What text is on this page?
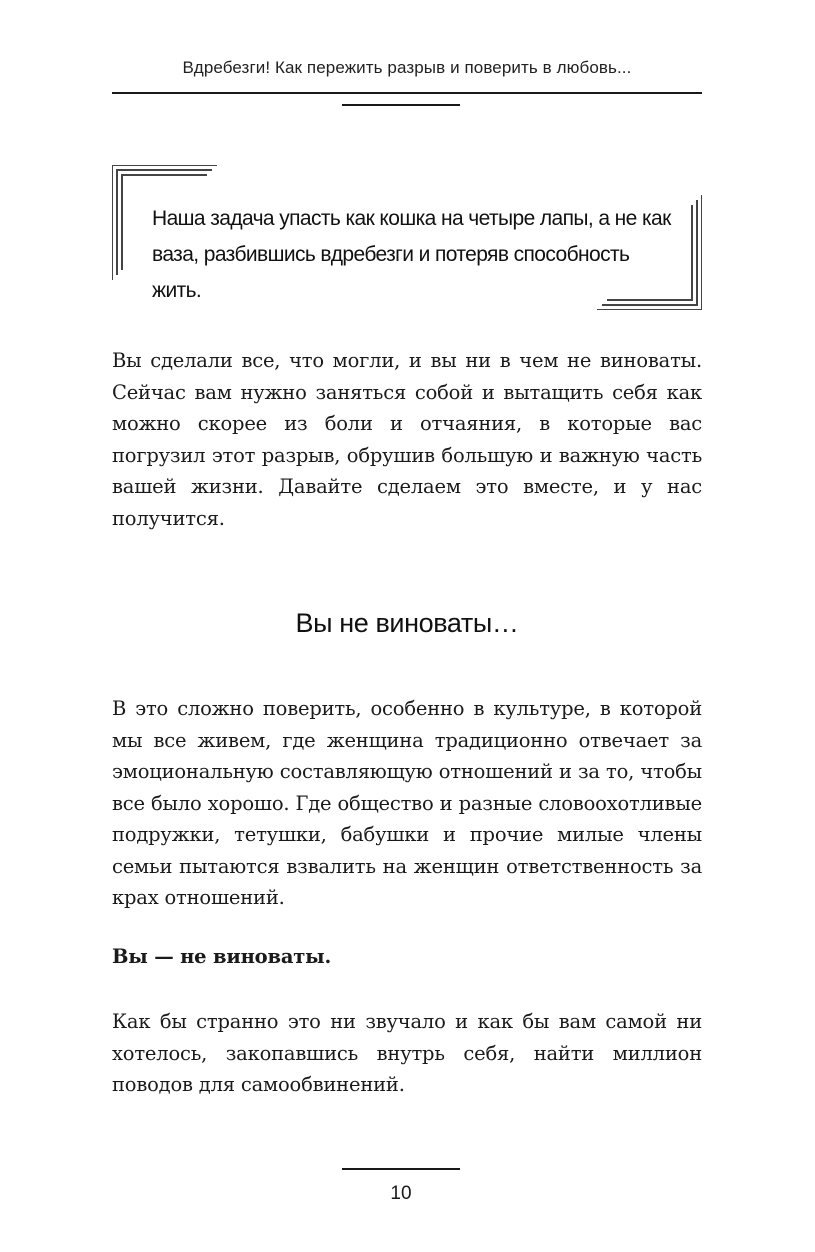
Вдребезги! Как пережить разрыв и поверить в любовь...
Наша задача упасть как кошка на четыре лапы, а не как ваза, разбившись вдребезги и потеряв способность жить.

Вы сделали все, что могли, и вы ни в чем не виноваты. Сейчас вам нужно заняться собой и вытащить себя как можно скорее из боли и отчаяния, в которые вас погрузил этот разрыв, обрушив большую и важную часть вашей жизни. Давайте сделаем это вместе, и у нас получится.

Вы не виноваты…

В это сложно поверить, особенно в культуре, в которой мы все живем, где женщина традиционно отвечает за эмоциональную составляющую отношений и за то, чтобы все было хорошо. Где общество и разные словоохотливые подружки, тетушки, бабушки и прочие милые члены семьи пытаются взвалить на женщин ответственность за крах отношений.

Вы — не виноваты.

Как бы странно это ни звучало и как бы вам самой ни хотелось, закопавшись внутрь себя, найти миллион поводов для самообвинений.

10
